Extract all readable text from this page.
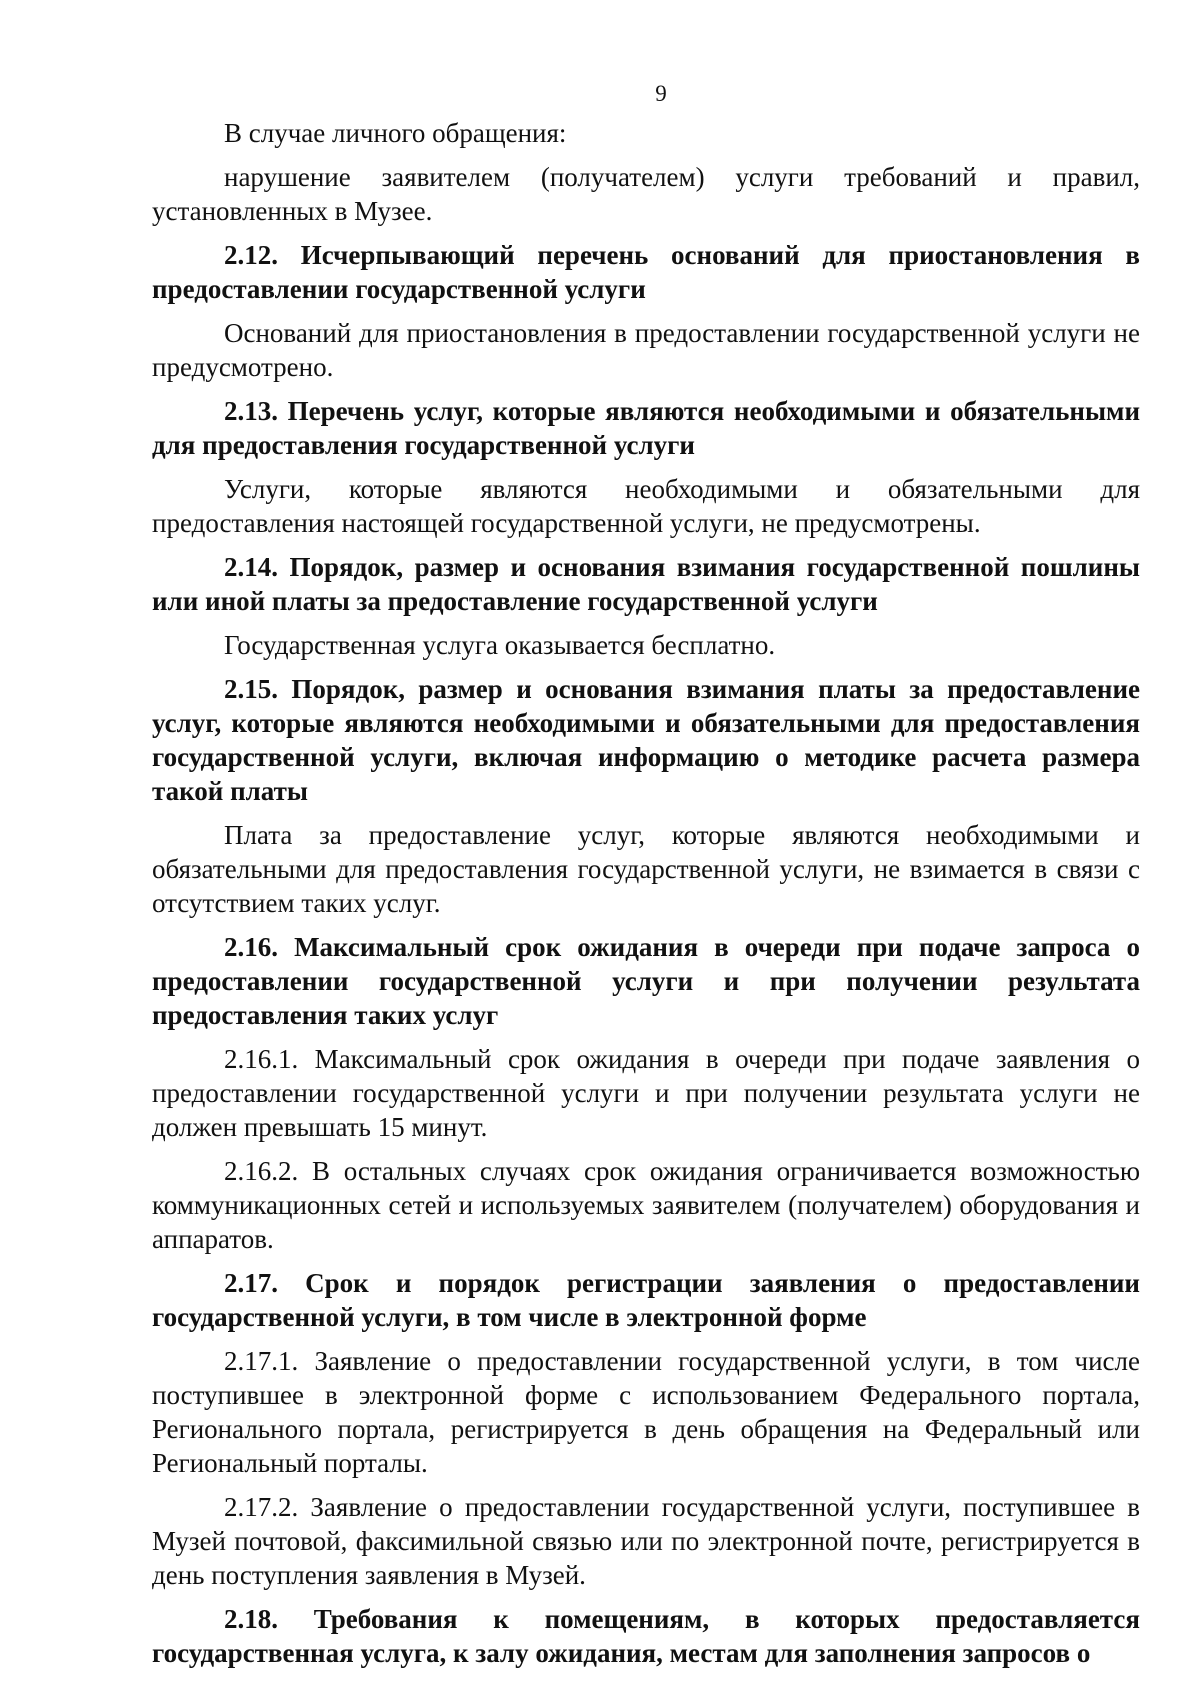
9

В случае личного обращения:

нарушение заявителем (получателем) услуги требований и правил, установленных в Музее.

2.12. Исчерпывающий перечень оснований для приостановления в предоставлении государственной услуги

Оснований для приостановления в предоставлении государственной услуги не предусмотрено.

2.13. Перечень услуг, которые являются необходимыми и обязательными для предоставления государственной услуги

Услуги, которые являются необходимыми и обязательными для предоставления настоящей государственной услуги, не предусмотрены.

2.14. Порядок, размер и основания взимания государственной пошлины или иной платы за предоставление государственной услуги

Государственная услуга оказывается бесплатно.

2.15. Порядок, размер и основания взимания платы за предоставление услуг, которые являются необходимыми и обязательными для предоставления государственной услуги, включая информацию о методике расчета размера такой платы

Плата за предоставление услуг, которые являются необходимыми и обязательными для предоставления государственной услуги, не взимается в связи с отсутствием таких услуг.

2.16. Максимальный срок ожидания в очереди при подаче запроса о предоставлении государственной услуги и при получении результата предоставления таких услуг

2.16.1. Максимальный срок ожидания в очереди при подаче заявления о предоставлении государственной услуги и при получении результата услуги не должен превышать 15 минут.

2.16.2. В остальных случаях срок ожидания ограничивается возможностью коммуникационных сетей и используемых заявителем (получателем) оборудования и аппаратов.

2.17. Срок и порядок регистрации заявления о предоставлении государственной услуги, в том числе в электронной форме

2.17.1. Заявление о предоставлении государственной услуги, в том числе поступившее в электронной форме с использованием Федерального портала, Регионального портала, регистрируется в день обращения на Федеральный или Региональный порталы.

2.17.2. Заявление о предоставлении государственной услуги, поступившее в Музей почтовой, факсимильной связью или по электронной почте, регистрируется в день поступления заявления в Музей.

2.18. Требования к помещениям, в которых предоставляется государственная услуга, к залу ожидания, местам для заполнения запросов о
